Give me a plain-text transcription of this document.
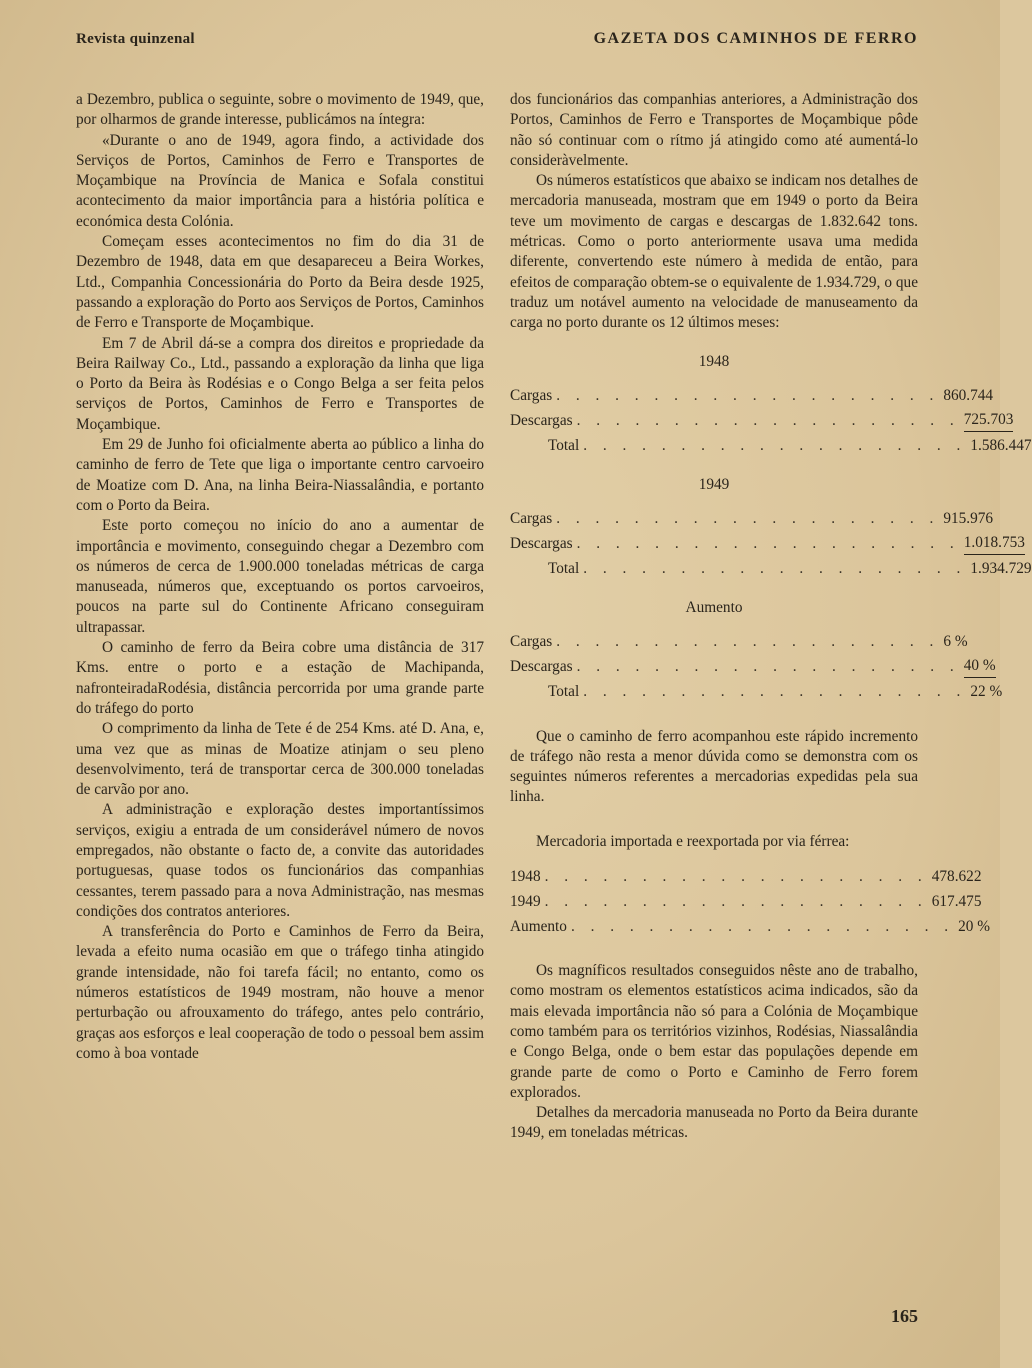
Revista quinzenal	GAZETA DOS CAMINHOS DE FERRO

a Dezembro, publica o seguinte, sobre o movimento de 1949, que, por olharmos de grande interesse, publicámos na íntegra:

«Durante o ano de 1949, agora findo, a actividade dos Serviços de Portos, Caminhos de Ferro e Transportes de Moçambique na Província de Manica e Sofala constitui acontecimento da maior importância para a história política e económica desta Colónia.

Começam esses acontecimentos no fim do dia 31 de Dezembro de 1948, data em que desapareceu a Beira Workes, Ltd., Companhia Concessionária do Porto da Beira desde 1925, passando a exploração do Porto aos Serviços de Portos, Caminhos de Ferro e Transporte de Moçambique.

Em 7 de Abril dá-se a compra dos direitos e propriedade da Beira Railway Co., Ltd., passando a exploração da linha que liga o Porto da Beira às Rodésias e o Congo Belga a ser feita pelos serviços de Portos, Caminhos de Ferro e Transportes de Moçambique.

Em 29 de Junho foi oficialmente aberta ao público a linha do caminho de ferro de Tete que liga o importante centro carvoeiro de Moatize com D. Ana, na linha Beira-Niassalândia, e portanto com o Porto da Beira.

Este porto começou no início do ano a aumentar de importância e movimento, conseguindo chegar a Dezembro com os números de cerca de 1.900.000 toneladas métricas de carga manuseada, números que, exceptuando os portos carvoeiros, poucos na parte sul do Continente Africano conseguiram ultrapassar.

O caminho de ferro da Beira cobre uma distância de 317 Kms. entre o porto e a estação de Machipanda, nafronteiradaRodésia, distância percorrida por uma grande parte do tráfego do porto

O comprimento da linha de Tete é de 254 Kms. até D. Ana, e, uma vez que as minas de Moatize atinjam o seu pleno desenvolvimento, terá de transportar cerca de 300.000 toneladas de carvão por ano.

A administração e exploração destes importantíssimos serviços, exigiu a entrada de um considerável número de novos empregados, não obstante o facto de, a convite das autoridades portuguesas, quase todos os funcionários das companhias cessantes, terem passado para a nova Administração, nas mesmas condições dos contratos anteriores.

A transferência do Porto e Caminhos de Ferro da Beira, levada a efeito numa ocasião em que o tráfego tinha atingido grande intensidade, não foi tarefa fácil; no entanto, como os números estatísticos de 1949 mostram, não houve a menor perturbação ou afrouxamento do tráfego, antes pelo contrário, graças aos esforços e leal cooperação de todo o pessoal bem assim como à boa vontade

dos funcionários das companhias anteriores, a Administração dos Portos, Caminhos de Ferro e Transportes de Moçambique pôde não só continuar com o rítmo já atingido como até aumentá-lo consideràvelmente.

Os números estatísticos que abaixo se indicam nos detalhes de mercadoria manuseada, mostram que em 1949 o porto da Beira teve um movimento de cargas e descargas de 1.832.642 tons. métricas. Como o porto anteriormente usava uma medida diferente, convertendo este número à medida de então, para efeitos de comparação obtem-se o equivalente de 1.934.729, o que traduz um notável aumento na velocidade de manuseamento da carga no porto durante os 12 últimos meses:

1948
Cargas . . . . . . . . . . . . . . . . . . . . 860.744
Descargas . . . . . . . . . . . . . . . . . . . . 725.703
Total . . . . . . . . . . . . . . . . . . . . 1.586.447
1949
Cargas . . . . . . . . . . . . . . . . . . . . 915.976
Descargas . . . . . . . . . . . . . . . . . . . . 1.018.753
Total . . . . . . . . . . . . . . . . . . . . 1.934.729
Aumento
Cargas . . . . . . . . . . . . . . . . . . . . 6 %
Descargas . . . . . . . . . . . . . . . . . . . . 40 %
Total . . . . . . . . . . . . . . . . . . . . 22 %

Que o caminho de ferro acompanhou este rápido incremento de tráfego não resta a menor dúvida como se demonstra com os seguintes números referentes a mercadorias expedidas pela sua linha.

Mercadoria importada e reexportada por via férrea:

1948 . . . . . . . . . . . . . . . . . . . . 478.622
1949 . . . . . . . . . . . . . . . . . . . . 617.475
Aumento . . . . . . . . . . . . . . . . . . . . 20 %

Os magníficos resultados conseguidos nêste ano de trabalho, como mostram os elementos estatísticos acima indicados, são da mais elevada importância não só para a Colónia de Moçambique como também para os territórios vizinhos, Rodésias, Niassalândia e Congo Belga, onde o bem estar das populações depende em grande parte de como o Porto e Caminho de Ferro forem explorados.

Detalhes da mercadoria manuseada no Porto da Beira durante 1949, em toneladas métricas.

165
